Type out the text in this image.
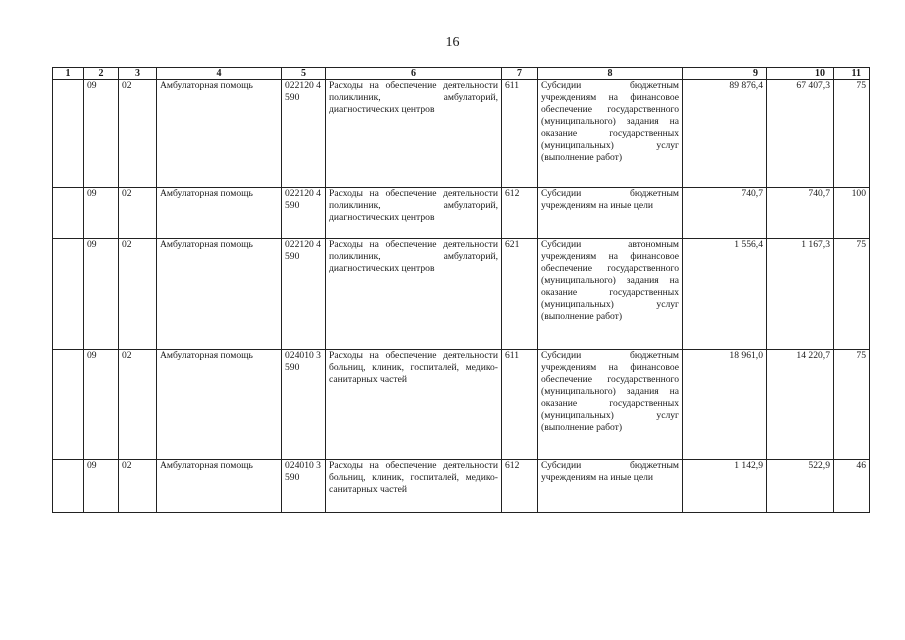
16
1	2	3	4	5	6	7	8	9	10	11
	09	02	Амбулаторная помощь	022120 4590	Расходы на обеспечение деятельности поликлиник, амбулаторий, диагностических центров	611	Субсидии бюджетным учреждениям на финансовое обеспечение государственного (муниципального) задания на оказание государственных (муниципальных) услуг (выполнение работ)	89 876,4	67 407,3	75
	09	02	Амбулаторная помощь	022120 4590	Расходы на обеспечение деятельности поликлиник, амбулаторий, диагностических центров	612	Субсидии бюджетным учреждениям на иные цели	740,7	740,7	100
	09	02	Амбулаторная помощь	022120 4590	Расходы на обеспечение деятельности поликлиник, амбулаторий, диагностических центров	621	Субсидии автономным учреждениям на финансовое обеспечение государственного (муниципального) задания на оказание государственных (муниципальных) услуг (выполнение работ)	1 556,4	1 167,3	75
	09	02	Амбулаторная помощь	024010 3590	Расходы на обеспечение деятельности больниц, клиник, госпиталей, медико-санитарных частей	611	Субсидии бюджетным учреждениям на финансовое обеспечение государственного (муниципального) задания на оказание государственных (муниципальных) услуг (выполнение работ)	18 961,0	14 220,7	75
	09	02	Амбулаторная помощь	024010 3590	Расходы на обеспечение деятельности больниц, клиник, госпиталей, медико-санитарных частей	612	Субсидии бюджетным учреждениям на иные цели	1 142,9	522,9	46
